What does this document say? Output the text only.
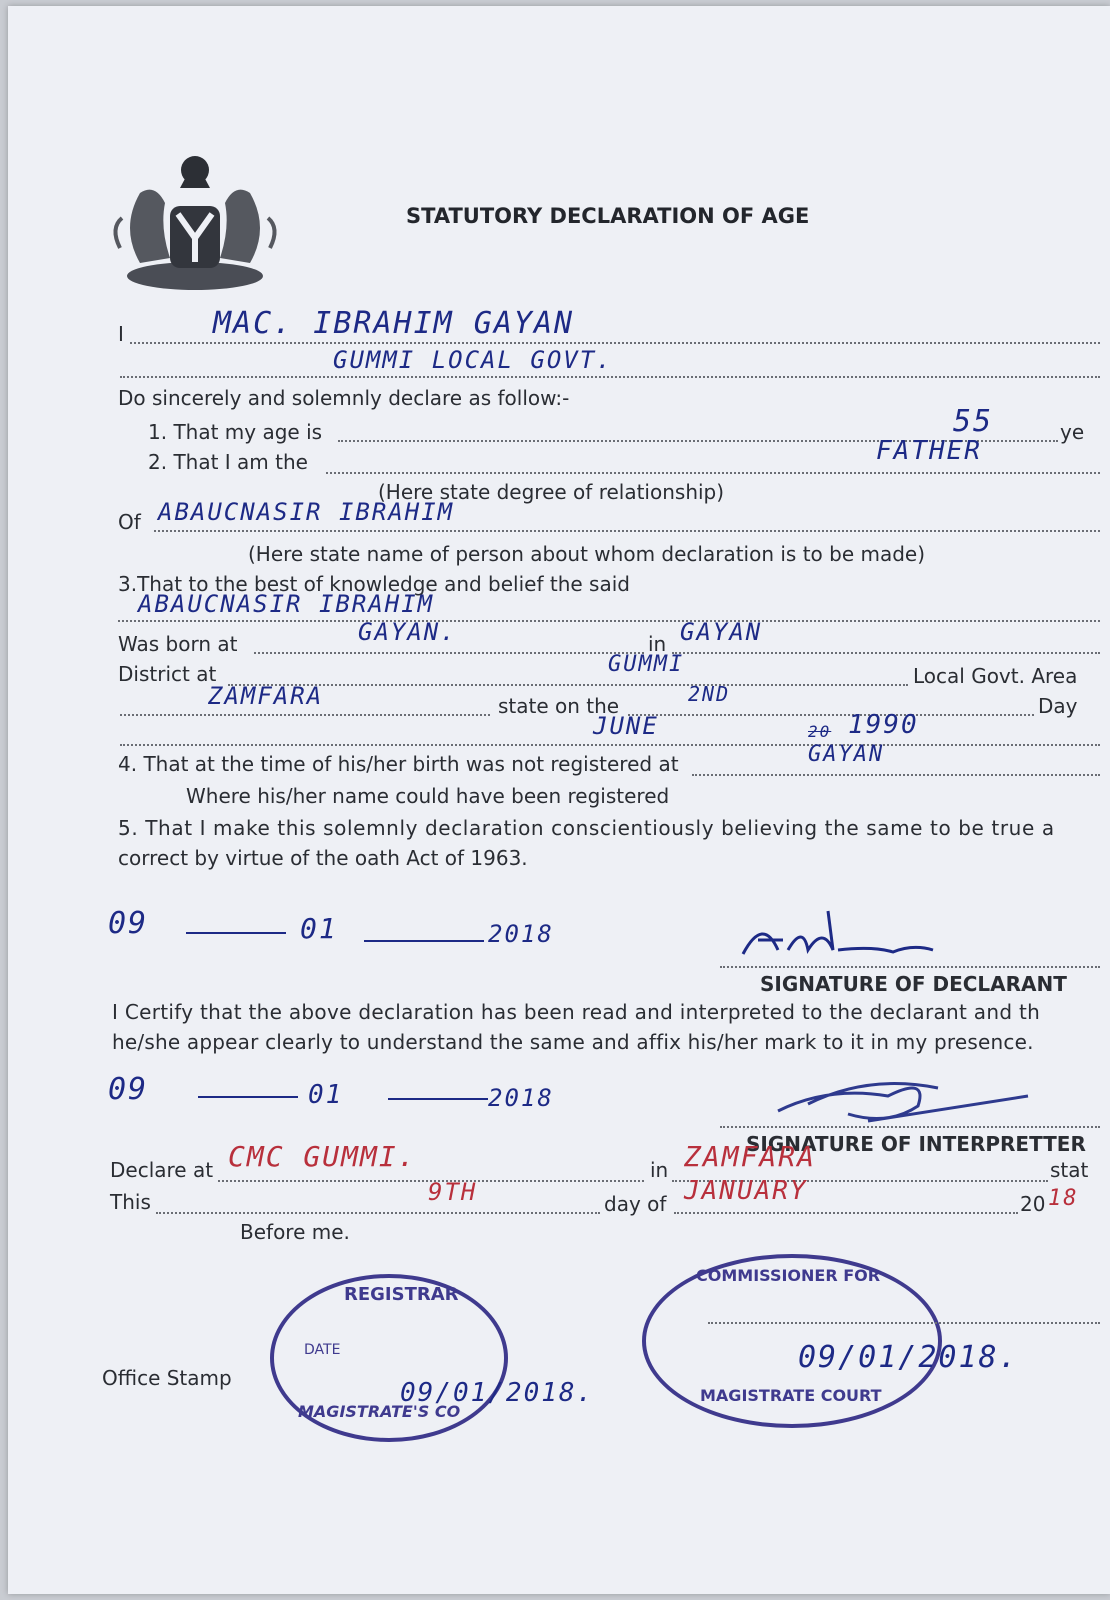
STATUTORY DECLARATION OF AGE
I	MAC. IBRAHIM GAYAN
GUMMI LOCAL GOVT.
Do sincerely and solemnly declare as follow:-
1. That my age is	55	ye
2. That I am the	FATHER
(Here state degree of relationship)
Of ABAUCNASIR IBRAHIM
(Here state name of person about whom declaration is to be made)
3.That to the best of knowledge and belief the said
ABAUCNASIR IBRAHIM
Was born at	GAYAN.	in GAYAN
District at	GUMMI	Local Govt. Area
ZAMFARA	state on the	2ND	Day
JUNE	20 1990
4. That at the time of his/her birth was not registered at	GAYAN
Where his/her name could have been registered
5. That I make this solemnly declaration conscientiously believing the same to be true a
correct by virtue of the oath Act of 1963.
09	01	2018
SIGNATURE OF DECLARANT
I Certify that the above declaration has been read and interpreted to the declarant and th
he/she appear clearly to understand the same and affix his/her mark to it in my presence.
09	01	2018
SIGNATURE OF INTERPRETTER
Declare at CMC GUMMI.	in ZAMFARA	stat
This	9TH	day of JANUARY	20 18
Before me.
Office Stamp
REGISTRAR
DATE
MAGISTRATE'S CO
09/01/2018.
COMMISSIONER FOR
MAGISTRATE COURT
09/01/2018.
